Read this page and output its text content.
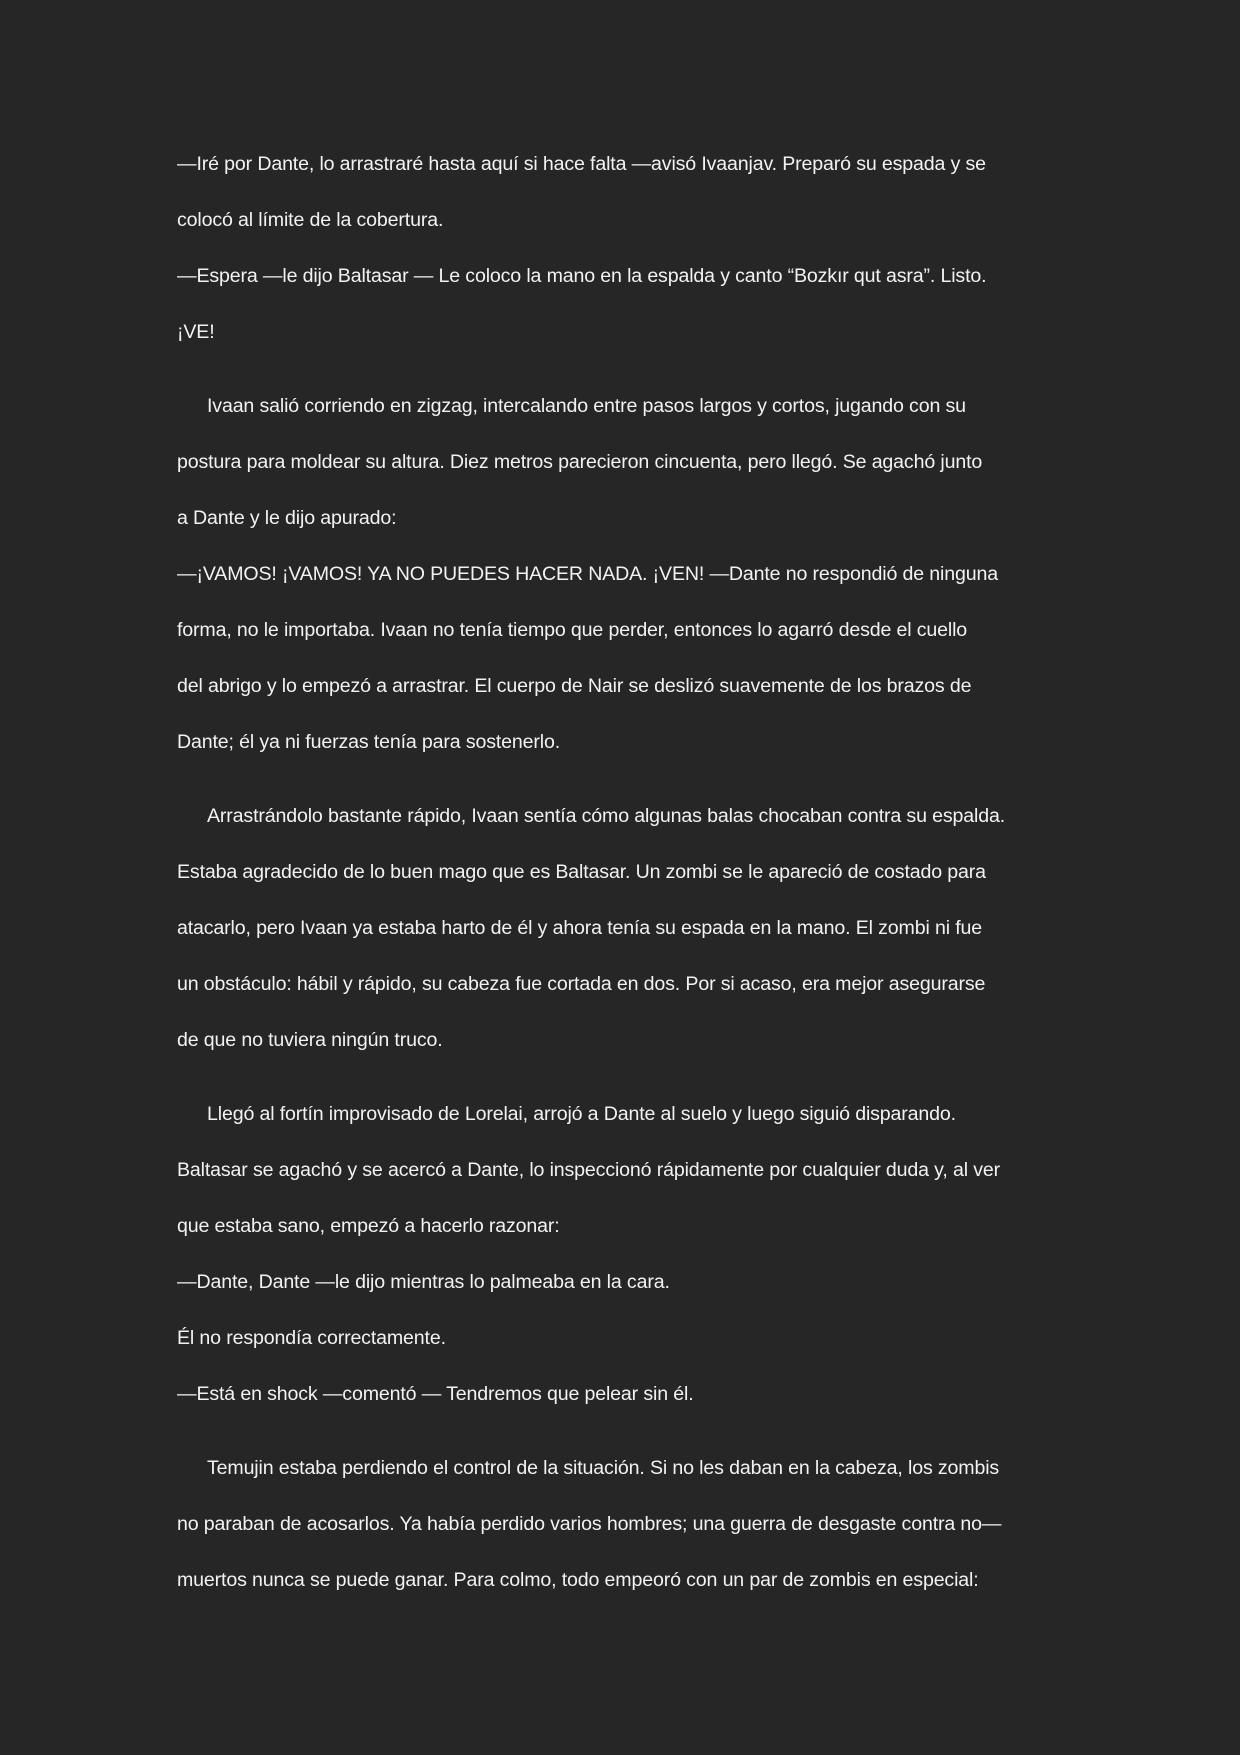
—Iré por Dante, lo arrastraré hasta aquí si hace falta —avisó Ivaanjav. Preparó su espada y se
colocó al límite de la cobertura.
—Espera —le dijo Baltasar — Le coloco la mano en la espalda y canto “Bozkır qut asra”. Listo.
¡VE!
Ivaan salió corriendo en zigzag, intercalando entre pasos largos y cortos, jugando con su
postura para moldear su altura. Diez metros parecieron cincuenta, pero llegó. Se agachó junto
a Dante y le dijo apurado:
—¡VAMOS! ¡VAMOS! YA NO PUEDES HACER NADA. ¡VEN! —Dante no respondió de ninguna
forma, no le importaba. Ivaan no tenía tiempo que perder, entonces lo agarró desde el cuello
del abrigo y lo empezó a arrastrar. El cuerpo de Nair se deslizó suavemente de los brazos de
Dante; él ya ni fuerzas tenía para sostenerlo.
Arrastrándolo bastante rápido, Ivaan sentía cómo algunas balas chocaban contra su espalda.
Estaba agradecido de lo buen mago que es Baltasar. Un zombi se le apareció de costado para
atacarlo, pero Ivaan ya estaba harto de él y ahora tenía su espada en la mano. El zombi ni fue
un obstáculo: hábil y rápido, su cabeza fue cortada en dos. Por si acaso, era mejor asegurarse
de que no tuviera ningún truco.
Llegó al fortín improvisado de Lorelai, arrojó a Dante al suelo y luego siguió disparando.
Baltasar se agachó y se acercó a Dante, lo inspeccionó rápidamente por cualquier duda y, al ver
que estaba sano, empezó a hacerlo razonar:
—Dante, Dante —le dijo mientras lo palmeaba en la cara.
Él no respondía correctamente.
—Está en shock —comentó — Tendremos que pelear sin él.
Temujin estaba perdiendo el control de la situación. Si no les daban en la cabeza, los zombis
no paraban de acosarlos. Ya había perdido varios hombres; una guerra de desgaste contra no—
muertos nunca se puede ganar. Para colmo, todo empeoró con un par de zombis en especial:
